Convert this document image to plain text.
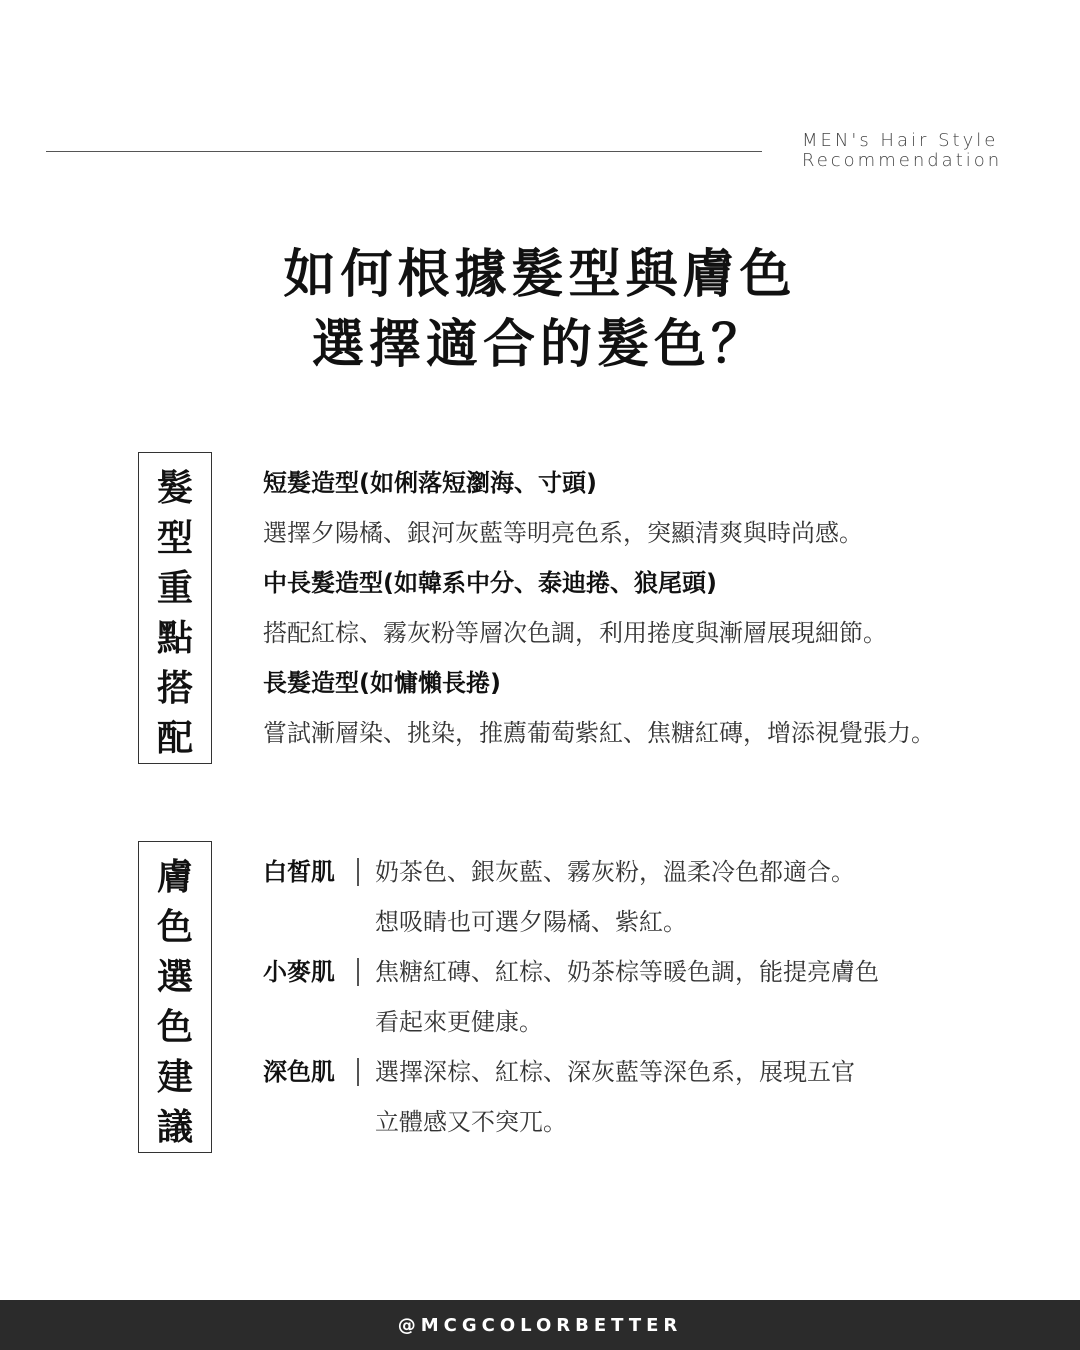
MEN's Hair Style
Recommendation
如何根據髮型與膚色
選擇適合的髮色？
髮
型
重
點
搭
配
短髮造型(如俐落短瀏海、寸頭)
選擇夕陽橘、銀河灰藍等明亮色系，突顯清爽與時尚感。
中長髮造型(如韓系中分、泰迪捲、狼尾頭)
搭配紅棕、霧灰粉等層次色調，利用捲度與漸層展現細節。
長髮造型(如慵懶長捲)
嘗試漸層染、挑染，推薦葡萄紫紅、焦糖紅磚，增添視覺張力。
膚
色
選
色
建
議
白皙肌 奶茶色、銀灰藍、霧灰粉，溫柔冷色都適合。
想吸睛也可選夕陽橘、紫紅。
小麥肌 焦糖紅磚、紅棕、奶茶棕等暖色調，能提亮膚色
看起來更健康。
深色肌 選擇深棕、紅棕、深灰藍等深色系，展現五官
立體感又不突兀。
@MCGCOLORBETTER
